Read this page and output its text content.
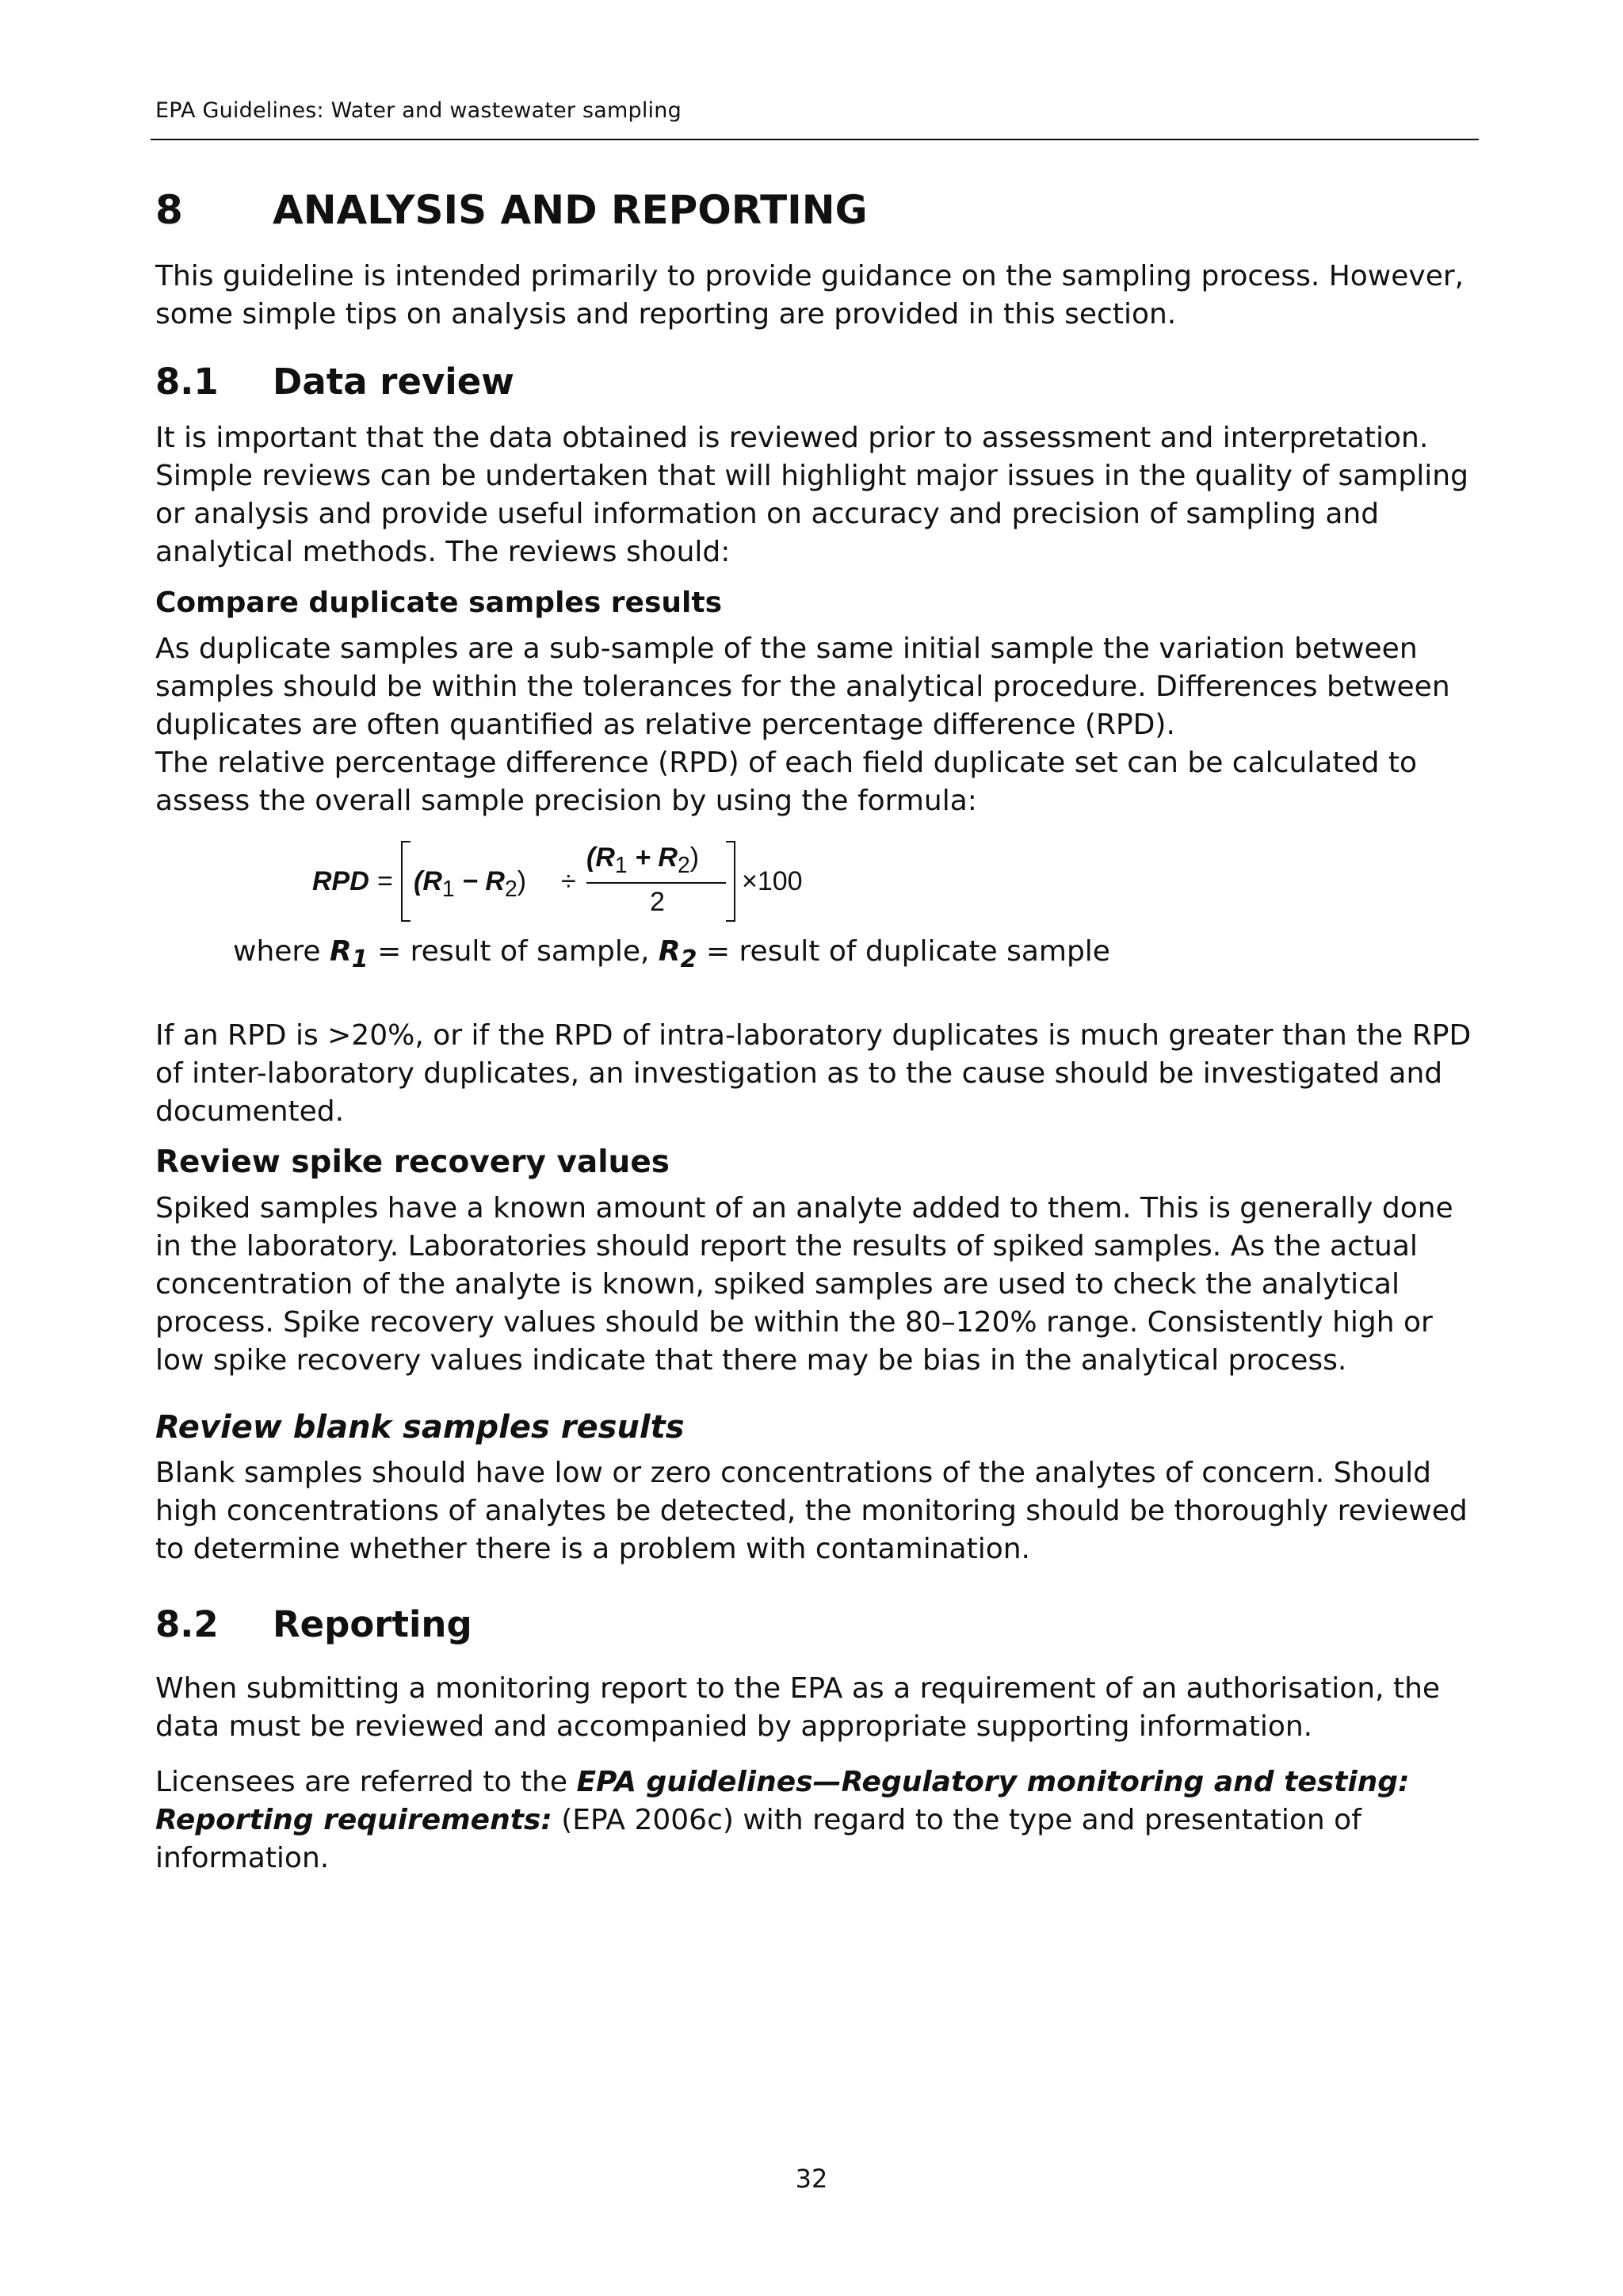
EPA Guidelines: Water and wastewater sampling
8 ANALYSIS AND REPORTING

This guideline is intended primarily to provide guidance on the sampling process. However, some simple tips on analysis and reporting are provided in this section.

8.1 Data review

It is important that the data obtained is reviewed prior to assessment and interpretation. Simple reviews can be undertaken that will highlight major issues in the quality of sampling or analysis and provide useful information on accuracy and precision of sampling and analytical methods. The reviews should:

Compare duplicate samples results

As duplicate samples are a sub-sample of the same initial sample the variation between samples should be within the tolerances for the analytical procedure. Differences between duplicates are often quantified as relative percentage difference (RPD).

The relative percentage difference (RPD) of each field duplicate set can be calculated to assess the overall sample precision by using the formula:

RPD = $(R_1 - R_2)$ ÷
$(R_1 + R_2)$
2
×100
where $R_1$ = result of sample, $R_2$ = result of duplicate sample

If an RPD is >20%, or if the RPD of intra-laboratory duplicates is much greater than the RPD of inter-laboratory duplicates, an investigation as to the cause should be investigated and documented.

Review spike recovery values

Spiked samples have a known amount of an analyte added to them. This is generally done in the laboratory. Laboratories should report the results of spiked samples. As the actual concentration of the analyte is known, spiked samples are used to check the analytical process. Spike recovery values should be within the 80–120% range. Consistently high or low spike recovery values indicate that there may be bias in the analytical process.

Review blank samples results

Blank samples should have low or zero concentrations of the analytes of concern. Should high concentrations of analytes be detected, the monitoring should be thoroughly reviewed to determine whether there is a problem with contamination.

8.2 Reporting

When submitting a monitoring report to the EPA as a requirement of an authorisation, the data must be reviewed and accompanied by appropriate supporting information.

Licensees are referred to the EPA guidelines—Regulatory monitoring and testing: Reporting requirements: (EPA 2006c) with regard to the type and presentation of information.

32
